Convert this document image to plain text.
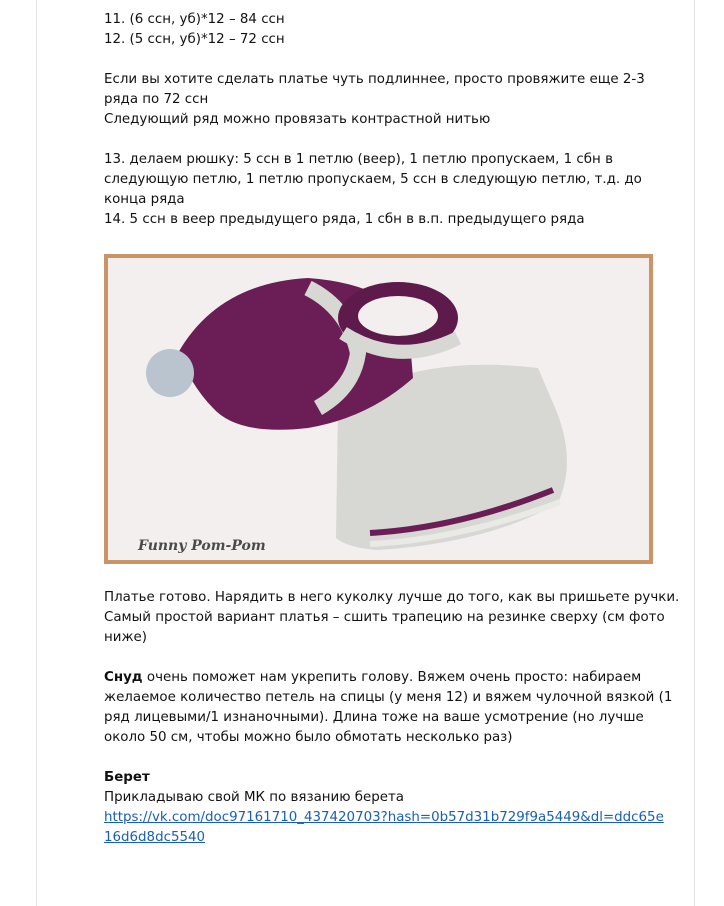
11. (6 ссн, уб)*12 – 84 ссн
12. (5 ссн, уб)*12 – 72 ссн
Если вы хотите сделать платье чуть подлиннее, просто провяжите еще 2-3
ряда по 72 ссн
Следующий ряд можно провязать контрастной нитью
13. делаем рюшку: 5 ссн в 1 петлю (веер), 1 петлю пропускаем, 1 сбн в
следующую петлю, 1 петлю пропускаем, 5 ссн в следующую петлю, т.д. до
конца ряда
14. 5 ссн в веер предыдущего ряда, 1 сбн в в.п. предыдущего ряда
Funny Pom-Pom
Платье готово. Нарядить в него куколку лучше до того, как вы пришьете ручки.
Самый простой вариант платья – сшить трапецию на резинке сверху (см фото
ниже)
Снуд очень поможет нам укрепить голову. Вяжем очень просто: набираем
желаемое количество петель на спицы (у меня 12) и вяжем чулочной вязкой (1
ряд лицевыми/1 изнаночными). Длина тоже на ваше усмотрение (но лучше
около 50 см, чтобы можно было обмотать несколько раз)
Берет
Прикладываю свой МК по вязанию берета
https://vk.com/doc97161710_437420703?hash=0b57d31b729f9a5449&dl=ddc65e
16d6d8dc5540
